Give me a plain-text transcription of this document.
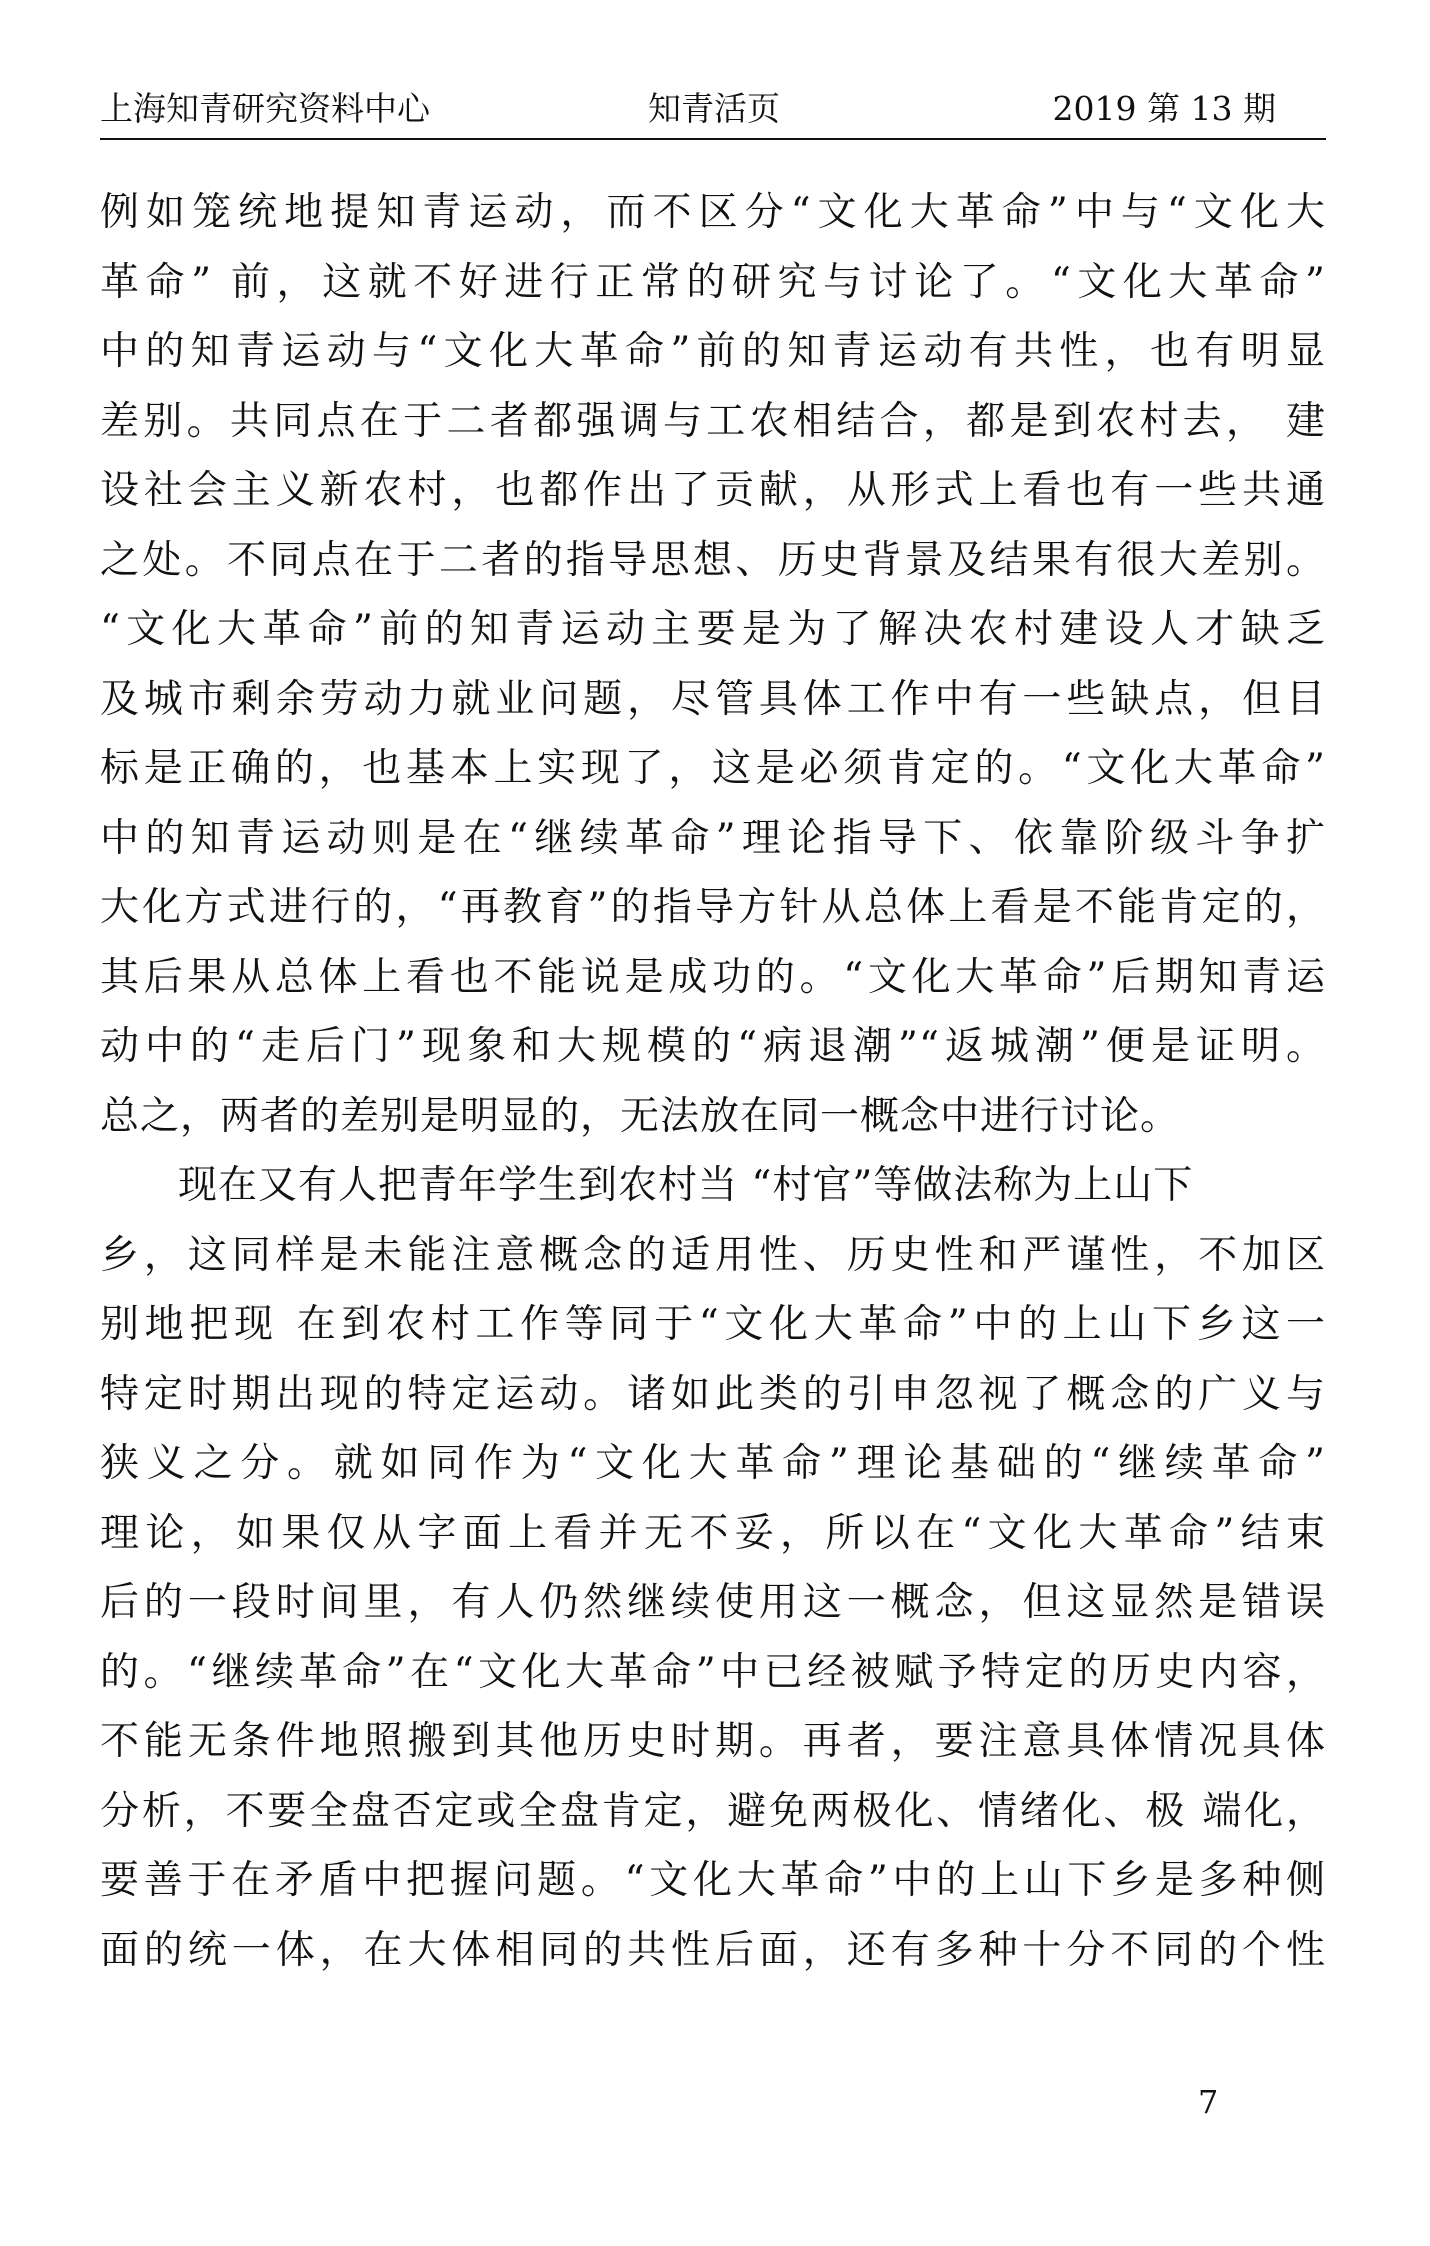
上海知青研究资料中心	知青活页	2019 第 13 期
例如笼统地提知青运动，而不区分“文化大革命”中与“文化大
革命” 前，这就不好进行正常的研究与讨论了。“文化大革命”
中的知青运动与“文化大革命”前的知青运动有共性，也有明显
差别。共同点在于二者都强调与工农相结合，都是到农村去， 建
设社会主义新农村，也都作出了贡献，从形式上看也有一些共通
之处。不同点在于二者的指导思想、历史背景及结果有很大差别。
“文化大革命”前的知青运动主要是为了解决农村建设人才缺乏
及城市剩余劳动力就业问题，尽管具体工作中有一些缺点，但目
标是正确的，也基本上实现了，这是必须肯定的。“文化大革命”
中的知青运动则是在“继续革命”理论指导下、依靠阶级斗争扩
大化方式进行的，“再教育”的指导方针从总体上看是不能肯定的，
其后果从总体上看也不能说是成功的。“文化大革命”后期知青运
动中的“走后门”现象和大规模的“病退潮”“返城潮”便是证明。
总之，两者的差别是明显的，无法放在同一概念中进行讨论。
现在又有人把青年学生到农村当 “村官”等做法称为上山下
乡，这同样是未能注意概念的适用性、历史性和严谨性，不加区
别地把现 在到农村工作等同于“文化大革命”中的上山下乡这一
特定时期出现的特定运动。诸如此类的引申忽视了概念的广义与
狭义之分。就如同作为“文化大革命”理论基础的“继续革命”
理论，如果仅从字面上看并无不妥，所以在“文化大革命”结束
后的一段时间里，有人仍然继续使用这一概念，但这显然是错误
的。“继续革命”在“文化大革命”中已经被赋予特定的历史内容，
不能无条件地照搬到其他历史时期。再者，要注意具体情况具体
分析，不要全盘否定或全盘肯定，避免两极化、情绪化、极 端化，
要善于在矛盾中把握问题。“文化大革命”中的上山下乡是多种侧
面的统一体，在大体相同的共性后面，还有多种十分不同的个性
7
